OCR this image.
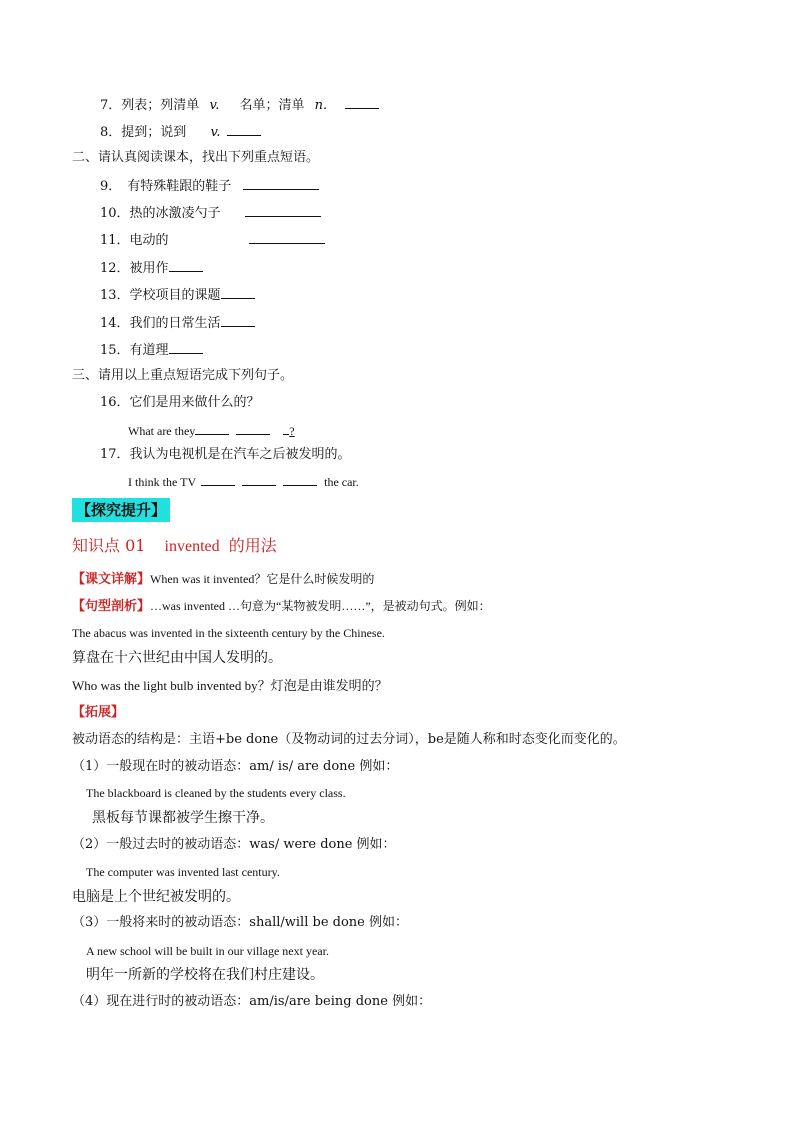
7．列表；列清单 v. 名单；清单 n.
8．提到；说到 v.
二、请认真阅读课本，找出下列重点短语。
9． 有特殊鞋跟的鞋子
10．热的冰激凌勺子
11．电动的
12．被用作
13．学校项目的课题
14．我们的日常生活
15．有道理
三、请用以上重点短语完成下列句子。
16．它们是用来做什么的？
What are they	?
17．我认为电视机是在汽车之后被发明的。
I think the TV	the car.
【探究提升】
知识点 01 invented 的用法
【课文详解】When was it invented？它是什么时候发明的
【句型剖析】…was invented …句意为“某物被发明……”，是被动句式。例如：
The abacus was invented in the sixteenth century by the Chinese.
算盘在十六世纪由中国人发明的。
Who was the light bulb invented by？灯泡是由谁发明的？
【拓展】
被动语态的结构是：主语+be done（及物动词的过去分词），be是随人称和时态变化而变化的。
（1）一般现在时的被动语态：am/ is/ are done 例如：
The blackboard is cleaned by the students every class.
黑板每节课都被学生擦干净。
（2）一般过去时的被动语态：was/ were done 例如：
The computer was invented last century.
电脑是上个世纪被发明的。
（3）一般将来时的被动语态：shall/will be done 例如：
A new school will be built in our village next year.
明年一所新的学校将在我们村庄建设。
（4）现在进行时的被动语态：am/is/are being done 例如：
